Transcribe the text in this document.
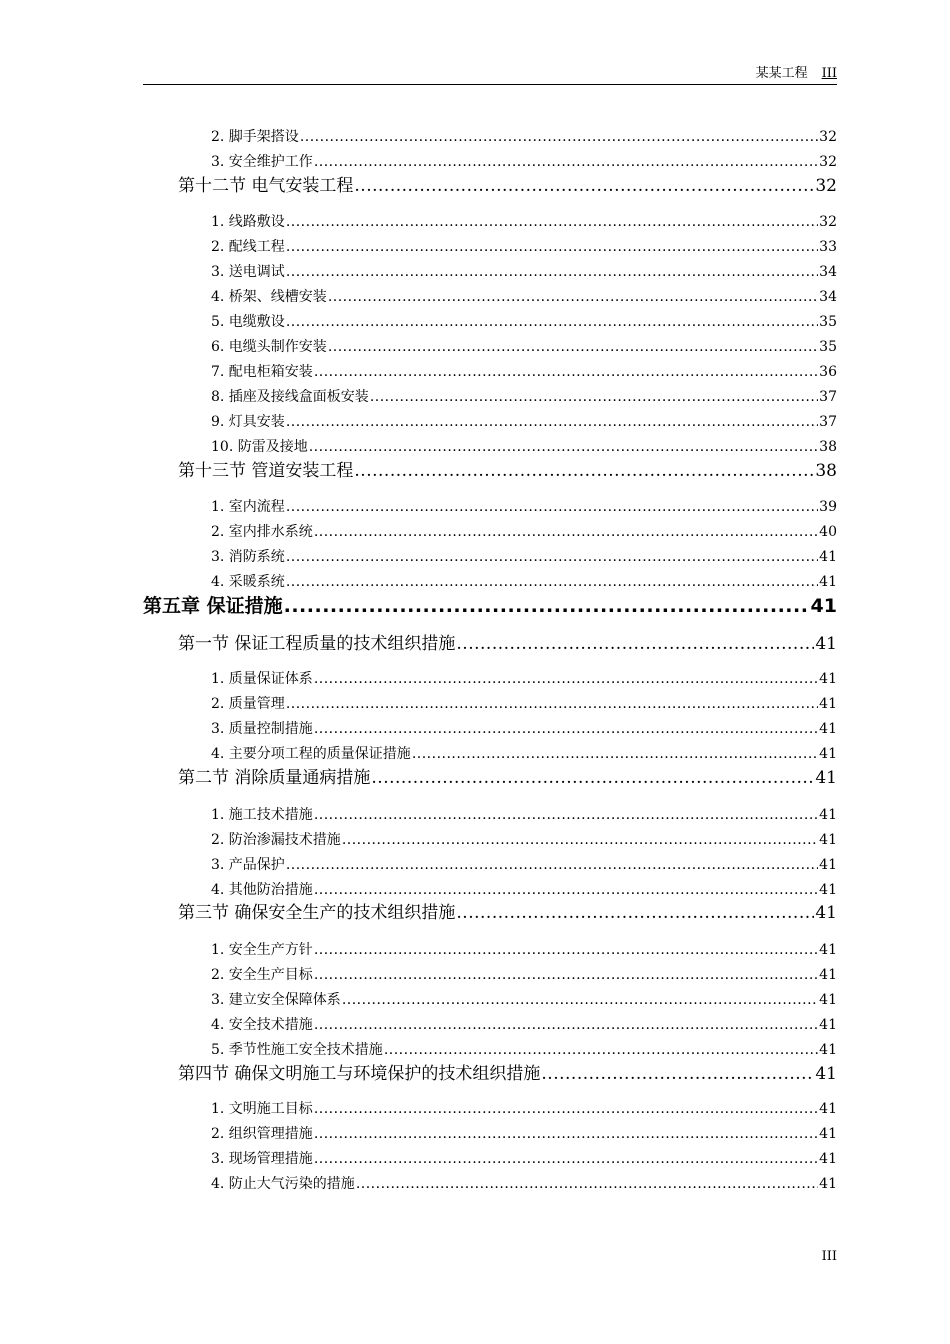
某某工程 III
2. 脚手架搭设 .....	32
3. 安全维护工作 .....	32
第十二节 电气安装工程 .....	32
1. 线路敷设 .....	32
2. 配线工程 .....	33
3. 送电调试 .....	34
4. 桥架、线槽安装 .....	34
5. 电缆敷设 .....	35
6. 电缆头制作安装 .....	35
7. 配电柜箱安装 .....	36
8. 插座及接线盒面板安装 .....	37
9. 灯具安装 .....	37
10. 防雷及接地 .....	38
第十三节 管道安装工程 .....	38
1. 室内流程 .....	39
2. 室内排水系统 .....	40
3. 消防系统 .....	41
4. 采暖系统 .....	41
第五章 保证措施 .....	41
第一节 保证工程质量的技术组织措施 .....	41
1. 质量保证体系 .....	41
2. 质量管理 .....	41
3. 质量控制措施 .....	41
4. 主要分项工程的质量保证措施 .....	41
第二节 消除质量通病措施 .....	41
1. 施工技术措施 .....	41
2. 防治渗漏技术措施 .....	41
3. 产品保护 .....	41
4. 其他防治措施 .....	41
第三节 确保安全生产的技术组织措施 .....	41
1. 安全生产方针 .....	41
2. 安全生产目标 .....	41
3. 建立安全保障体系 .....	41
4. 安全技术措施 .....	41
5. 季节性施工安全技术措施 .....	41
第四节 确保文明施工与环境保护的技术组织措施 .....	41
1. 文明施工目标 .....	41
2. 组织管理措施 .....	41
3. 现场管理措施 .....	41
4. 防止大气污染的措施 .....	41
III
